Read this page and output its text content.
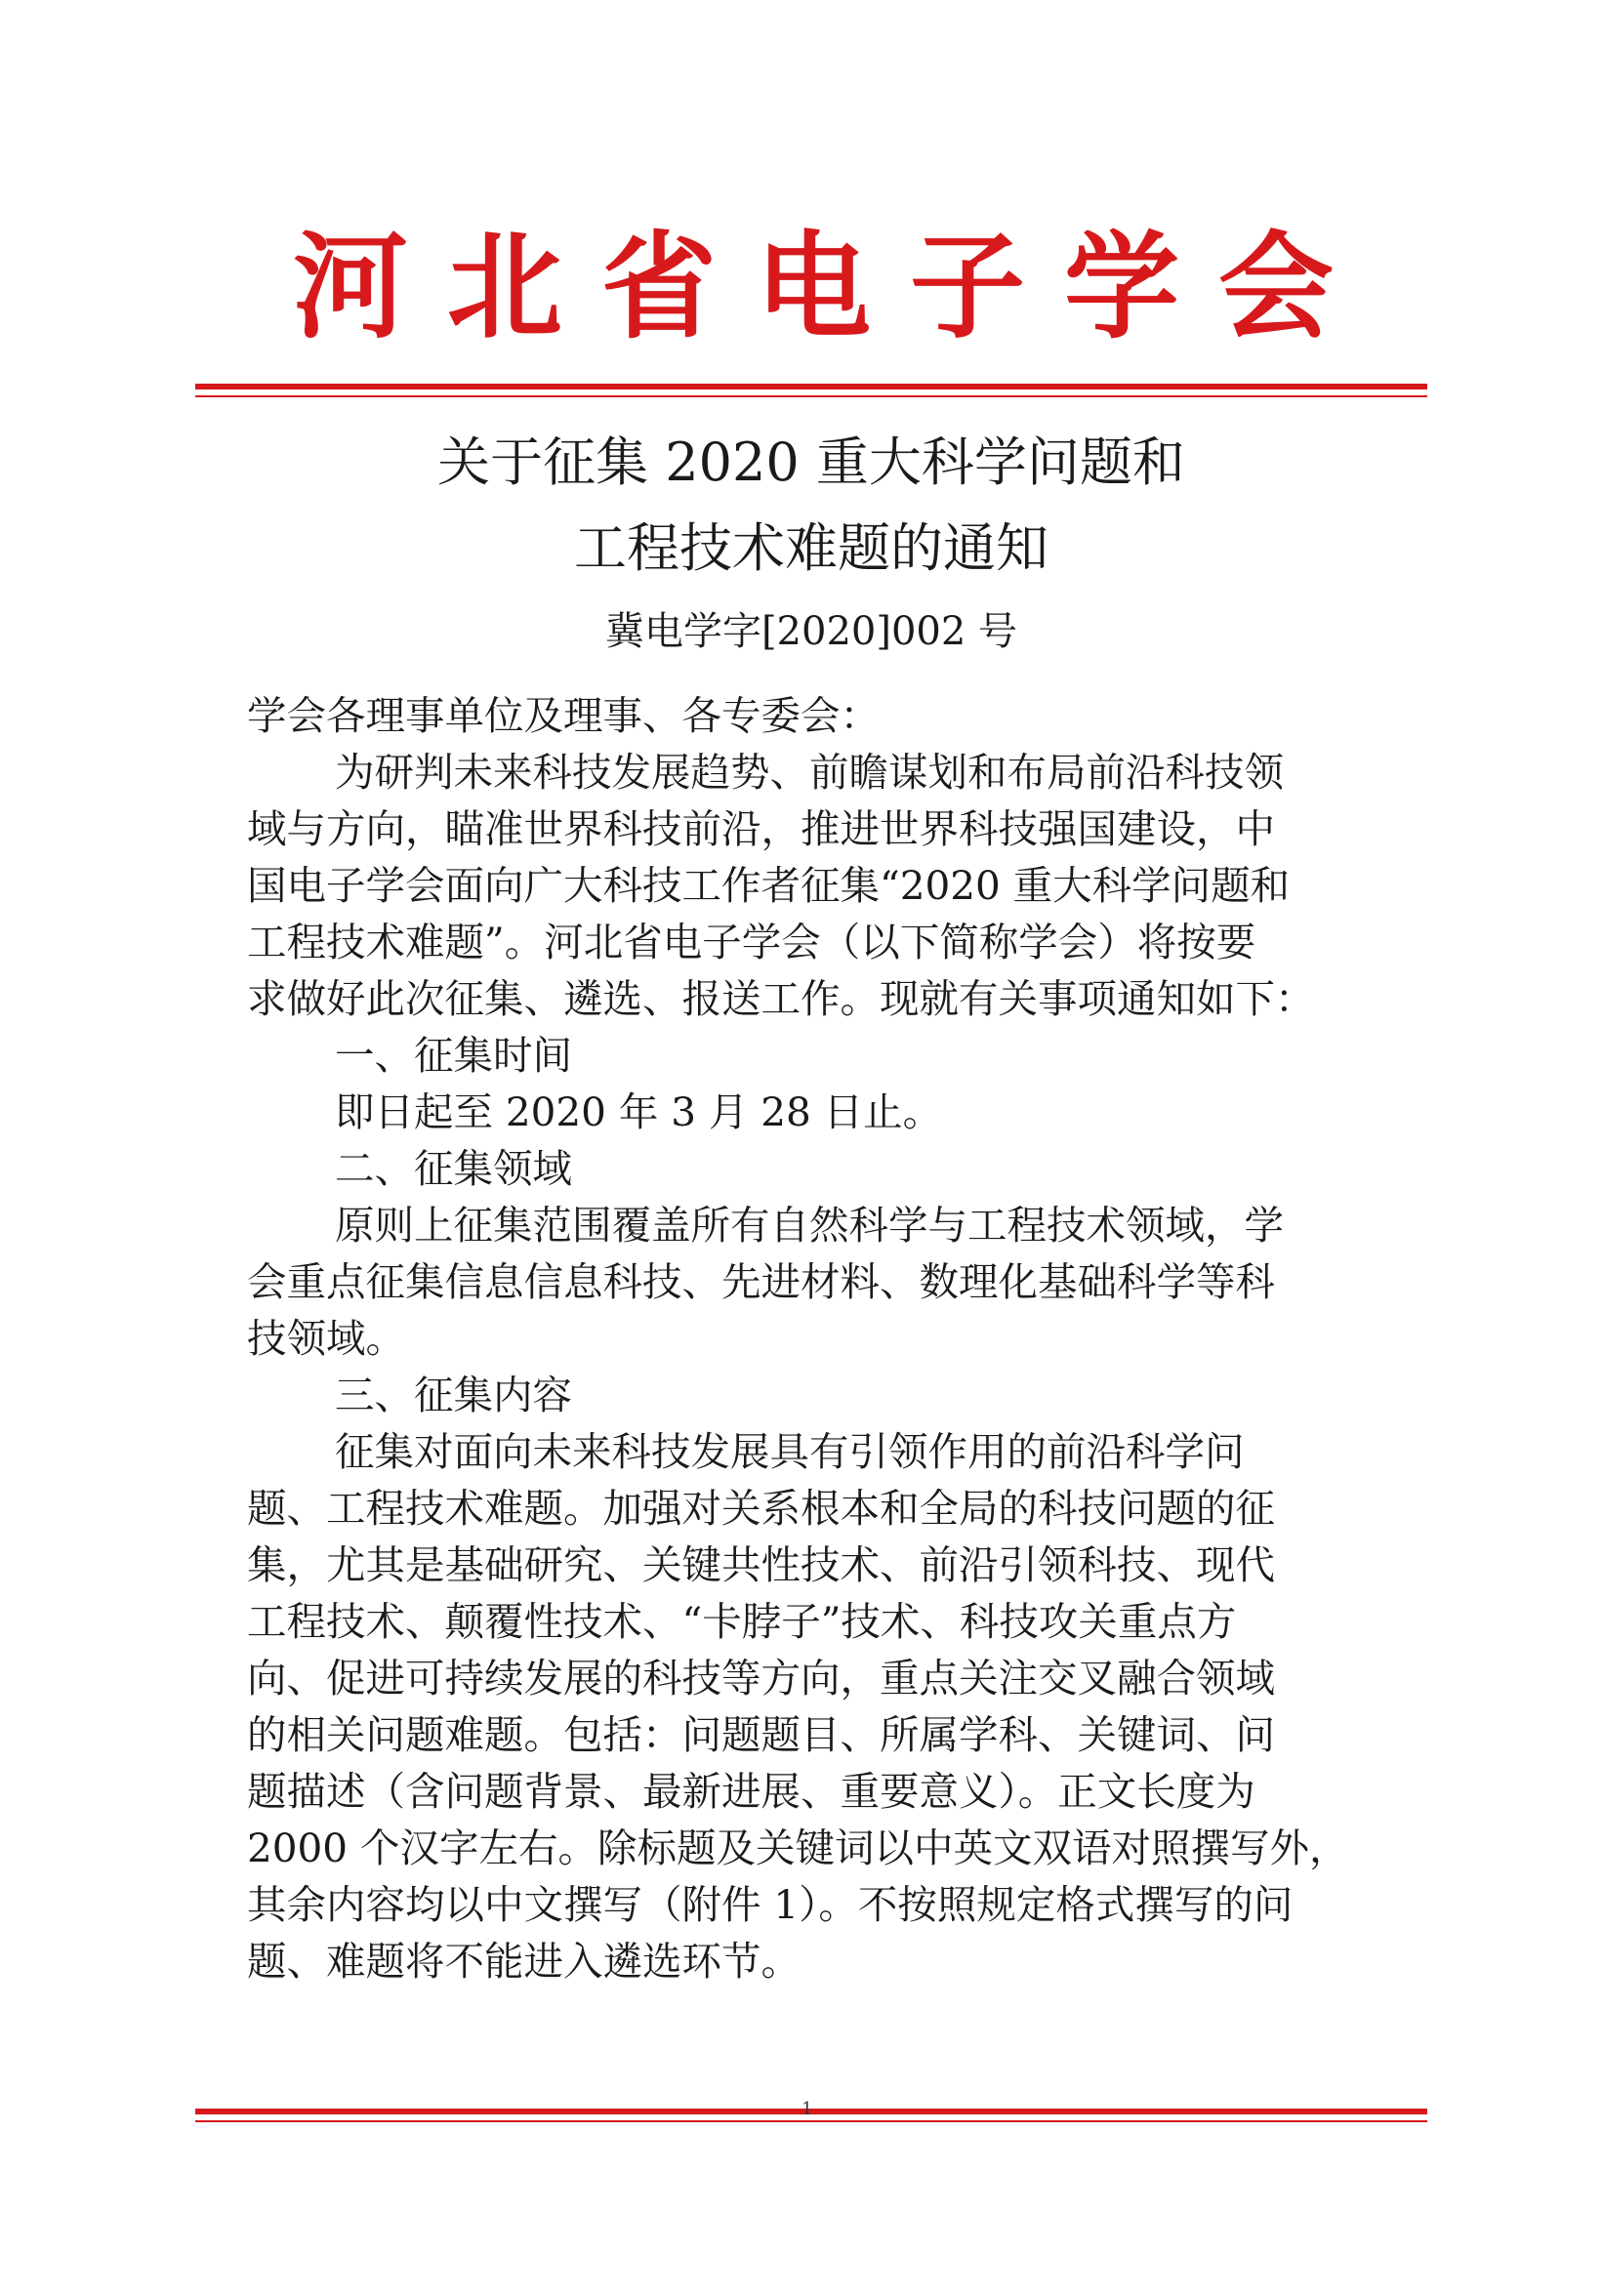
河北省电子学会
关于征集 2020 重大科学问题和
工程技术难题的通知
冀电学字[2020]002 号
学会各理事单位及理事、各专委会：
为研判未来科技发展趋势、前瞻谋划和布局前沿科技领
域与方向，瞄准世界科技前沿，推进世界科技强国建设，中
国电子学会面向广大科技工作者征集“2020 重大科学问题和
工程技术难题”。河北省电子学会（以下简称学会）将按要
求做好此次征集、遴选、报送工作。现就有关事项通知如下：
一、征集时间
即日起至 2020 年 3 月 28 日止。
二、征集领域
原则上征集范围覆盖所有自然科学与工程技术领域，学
会重点征集信息信息科技、先进材料、数理化基础科学等科
技领域。
三、征集内容
征集对面向未来科技发展具有引领作用的前沿科学问
题、工程技术难题。加强对关系根本和全局的科技问题的征
集，尤其是基础研究、关键共性技术、前沿引领科技、现代
工程技术、颠覆性技术、“卡脖子”技术、科技攻关重点方
向、促进可持续发展的科技等方向，重点关注交叉融合领域
的相关问题难题。包括：问题题目、所属学科、关键词、问
题描述（含问题背景、最新进展、重要意义）。正文长度为
2000 个汉字左右。除标题及关键词以中英文双语对照撰写外，
其余内容均以中文撰写（附件 1）。不按照规定格式撰写的问
题、难题将不能进入遴选环节。
1
